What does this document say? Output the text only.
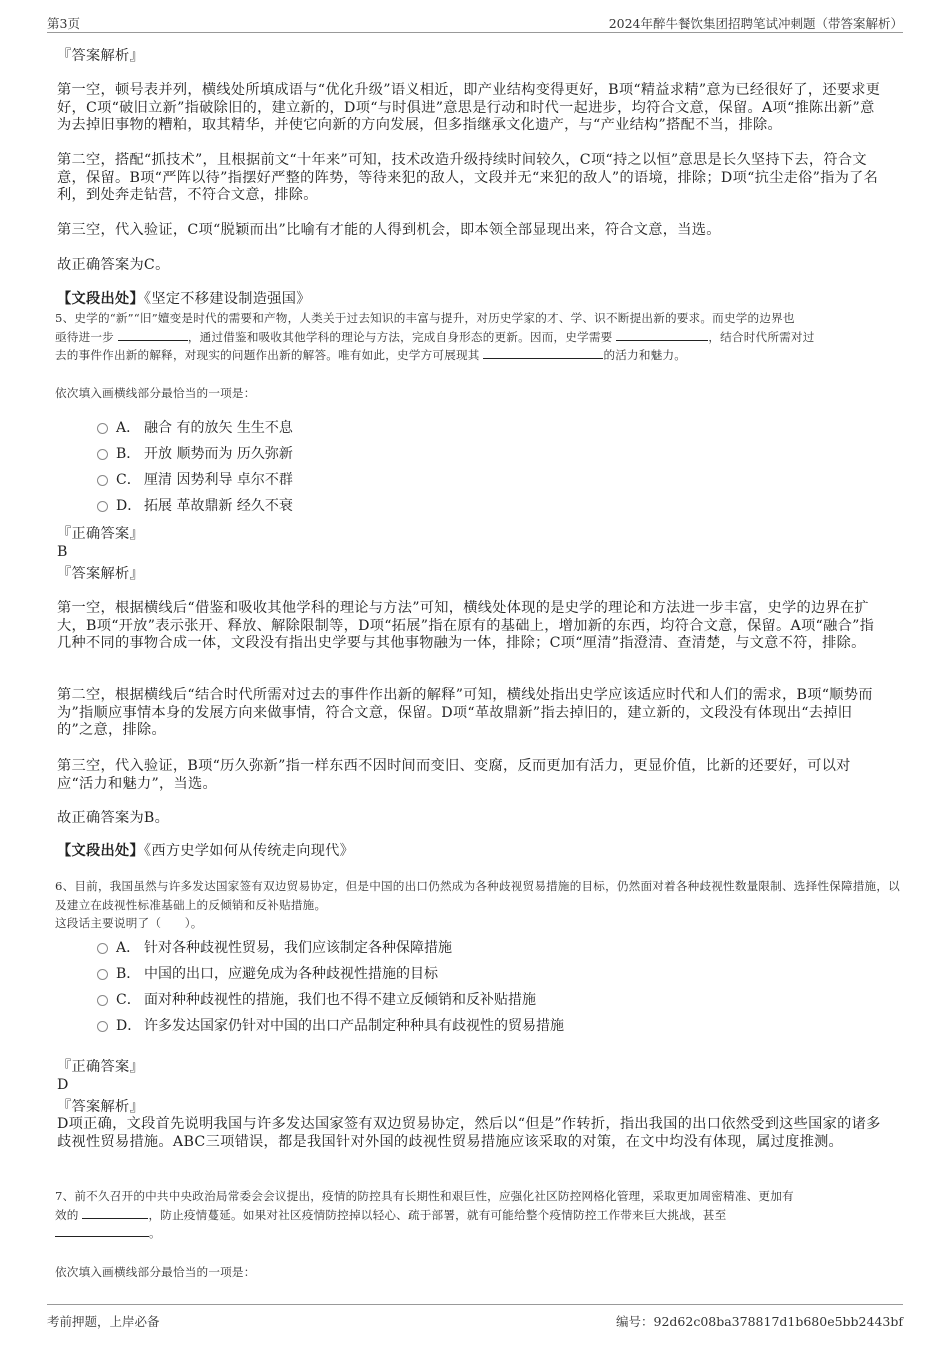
第3页	2024年醉牛餐饮集团招聘笔试冲刺题（带答案解析）
『答案解析』
第一空，顿号表并列，横线处所填成语与“优化升级”语义相近，即产业结构变得更好，B项“精益求精”意为已经很好了，还要求更好，C项“破旧立新”指破除旧的，建立新的，D项“与时俱进”意思是行动和时代一起进步，均符合文意，保留。A项“推陈出新”意为去掉旧事物的糟粕，取其精华，并使它向新的方向发展，但多指继承文化遗产，与“产业结构”搭配不当，排除。
第二空，搭配“抓技术”，且根据前文“十年来”可知，技术改造升级持续时间较久，C项“持之以恒”意思是长久坚持下去，符合文意，保留。B项“严阵以待”指摆好严整的阵势，等待来犯的敌人，文段并无“来犯的敌人”的语境，排除；D项“抗尘走俗”指为了名利，到处奔走钻营，不符合文意，排除。
第三空，代入验证，C项“脱颖而出”比喻有才能的人得到机会，即本领全部显现出来，符合文意，当选。
故正确答案为C。
【文段出处】《坚定不移建设制造强国》
5、史学的“新”“旧”嬗变是时代的需要和产物，人类关于过去知识的丰富与提升，对历史学家的才、学、识不断提出新的要求。而史学的边界也
亟待进一步	，通过借鉴和吸收其他学科的理论与方法，完成自身形态的更新。因而，史学需要	，结合时代所需对过
去的事件作出新的解释，对现实的问题作出新的解答。唯有如此，史学方可展现其	的活力和魅力。
依次填入画横线部分最恰当的一项是：
A． 融合 有的放矢 生生不息
B． 开放 顺势而为 历久弥新
C． 厘清 因势利导 卓尔不群
D． 拓展 革故鼎新 经久不衰
『正确答案』
B
『答案解析』
第一空，根据横线后“借鉴和吸收其他学科的理论与方法”可知，横线处体现的是史学的理论和方法进一步丰富，史学的边界在扩大，B项“开放”表示张开、释放、解除限制等，D项“拓展”指在原有的基础上，增加新的东西，均符合文意，保留。A项“融合”指几种不同的事物合成一体，文段没有指出史学要与其他事物融为一体，排除；C项“厘清”指澄清、查清楚，与文意不符，排除。
第二空，根据横线后“结合时代所需对过去的事件作出新的解释”可知，横线处指出史学应该适应时代和人们的需求，B项“顺势而为”指顺应事情本身的发展方向来做事情，符合文意，保留。D项“革故鼎新”指去掉旧的，建立新的，文段没有体现出“去掉旧的”之意，排除。
第三空，代入验证，B项“历久弥新”指一样东西不因时间而变旧、变腐，反而更加有活力，更显价值，比新的还要好，可以对应“活力和魅力”，当选。
故正确答案为B。
【文段出处】《西方史学如何从传统走向现代》
6、目前，我国虽然与许多发达国家签有双边贸易协定，但是中国的出口仍然成为各种歧视贸易措施的目标，仍然面对着各种歧视性数量限制、选择性保障措施，以及建立在歧视性标准基础上的反倾销和反补贴措施。
这段话主要说明了（　　）。
A． 针对各种歧视性贸易，我们应该制定各种保障措施
B． 中国的出口，应避免成为各种歧视性措施的目标
C． 面对种种歧视性的措施，我们也不得不建立反倾销和反补贴措施
D． 许多发达国家仍针对中国的出口产品制定种种具有歧视性的贸易措施
『正确答案』
D
『答案解析』
D项正确，文段首先说明我国与许多发达国家签有双边贸易协定，然后以“但是”作转折，指出我国的出口依然受到这些国家的诸多歧视性贸易措施。ABC三项错误，都是我国针对外国的歧视性贸易措施应该采取的对策，在文中均没有体现，属过度推测。
7、前不久召开的中共中央政治局常委会会议提出，疫情的防控具有长期性和艰巨性，应强化社区防控网格化管理，采取更加周密精准、更加有
效的	，防止疫情蔓延。如果对社区疫情防控掉以轻心、疏于部署，就有可能给整个疫情防控工作带来巨大挑战，甚至
。
依次填入画横线部分最恰当的一项是：
考前押题，上岸必备	编号：92d62c08ba378817d1b680e5bb2443bf
